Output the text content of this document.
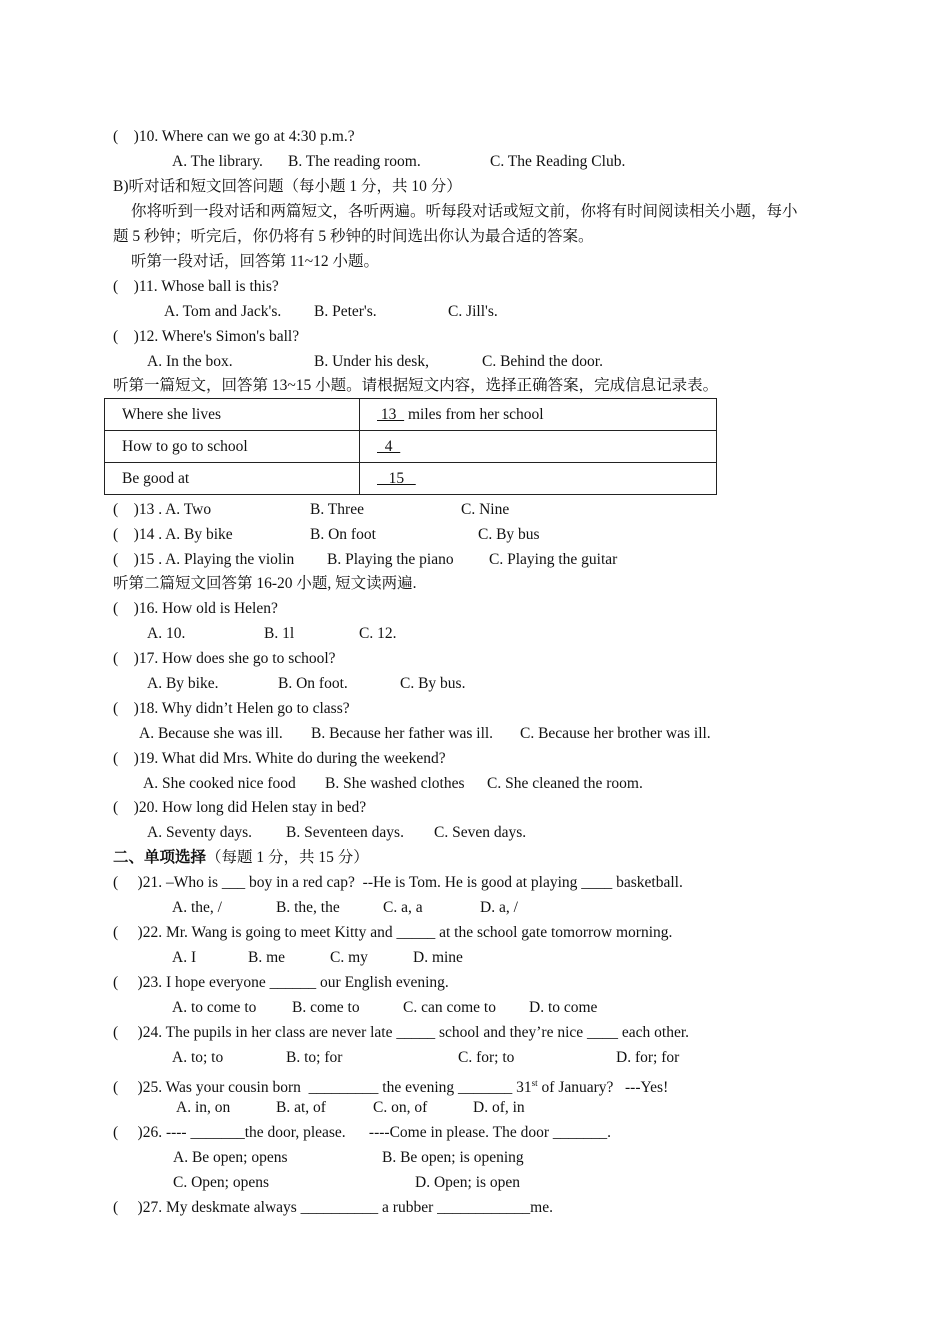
(    )10. Where can we go at 4:30 p.m.?
A. The library. B. The reading room.	C. The Reading Club.
B)听对话和短文回答问题（每小题 1 分，共 10 分）
你将听到一段对话和两篇短文，各听两遍。听每段对话或短文前，你将有时间阅读相关小题，每小
题 5 秒钟；听完后，你仍将有 5 秒钟的时间选出你认为最合适的答案。
听第一段对话，回答第 11~12 小题。
(    )11. Whose ball is this?
A. Tom and Jack's. B. Peter's.	C. Jill's.
(    )12. Where's Simon's ball?
A. In the box.	B. Under his desk,	C. Behind the door.
听第一篇短文，回答第 13~15 小题。请根据短文内容，选择正确答案，完成信息记录表。
Where she lives	13   miles from her school
How to go to school	4
Be good at	15
(    )13 . A. Two	B. Three	C. Nine
(    )14 . A. By bike	B. On foot	C. By bus
(    )15 . A. Playing the violin B. Playing the piano C. Playing the guitar
听第二篇短文回答第 16-20 小题, 短文读两遍.
(    )16. How old is Helen?
A. 10.	B. 1l	C. 12.
(    )17. How does she go to school?
A. By bike.	B. On foot.	C. By bus.
(    )18. Why didn’t Helen go to class?
A. Because she was ill. B. Because her father was ill. C. Because her brother was ill.
(    )19. What did Mrs. White do during the weekend?
A. She cooked nice food B. She washed clothes C. She cleaned the room.
(    )20. How long did Helen stay in bed?
A. Seventy days. B. Seventeen days. C. Seven days.
二、单项选择（每题 1 分，共 15 分）
(     )21. –Who is ___ boy in a red cap?  --He is Tom. He is good at playing ____ basketball.
A. the, /	B. the, the	C. a, a	D. a, /
(     )22. Mr. Wang is going to meet Kitty and _____ at the school gate tomorrow morning.
A. I	B. me	C. my	D. mine
(     )23. I hope everyone ______ our English evening.
A. to come to B. come to	C. can come to D. to come
(     )24. The pupils in her class are never late _____ school and they’re nice ____ each other.
A. to; to	B. to; for	C. for; to	D. for; for
(     )25. Was your cousin born  _________ the evening _______ 31st of January?   ---Yes!
A. in, on	B. at, of	C. on, of	D. of, in
(     )26. ---- _______the door, please.      ----Come in please. The door _______.
A. Be open; opens	B. Be open; is opening
C. Open; opens	D. Open; is open
(     )27. My deskmate always __________ a rubber ____________me.
